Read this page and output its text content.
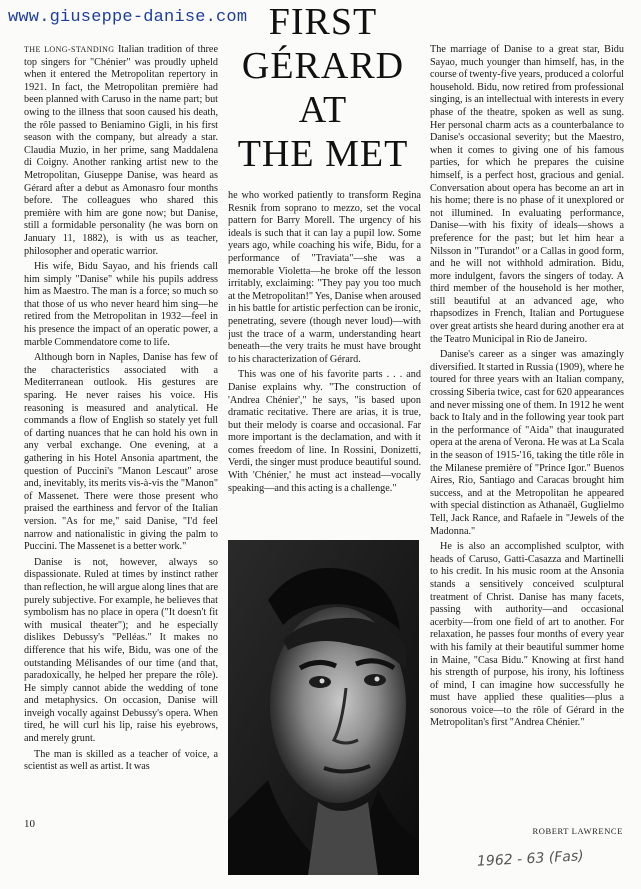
www.giuseppe-danise.com FIRST
GÉRARD
AT
THE MET

THE LONG-STANDING Italian tradition of three top singers for "Chénier" was proudly upheld when it entered the Metropolitan repertory in 1921. In fact, the Metropolitan première had been planned with Caruso in the name part; but owing to the illness that soon caused his death, the rôle passed to Beniamino Gigli, in his first season with the company, but already a star. Claudia Muzio, in her prime, sang Maddalena di Coigny. Another ranking artist new to the Metropolitan, Giuseppe Danise, was heard as Gérard after a debut as Amonasro four months before. The colleagues who shared this première with him are gone now; but Danise, still a formidable personality (he was born on January 11, 1882), is with us as teacher, philosopher and operatic warrior.

His wife, Bidu Sayao, and his friends call him simply "Danise" while his pupils address him as Maestro. The man is a force; so much so that those of us who never heard him sing—he retired from the Metropolitan in 1932—feel in his presence the impact of an operatic power, a marble Commendatore come to life.

Although born in Naples, Danise has few of the characteristics associated with a Mediterranean outlook. His gestures are sparing. He never raises his voice. His reasoning is measured and analytical. He commands a flow of English so stately yet full of darting nuances that he can hold his own in any verbal exchange. One evening, at a gathering in his Hotel Ansonia apartment, the question of Puccini's "Manon Lescaut" arose and, inevitably, its merits vis-à-vis the "Manon" of Massenet. There were those present who praised the earthiness and fervor of the Italian version. "As for me," said Danise, "I'd feel narrow and nationalistic in giving the palm to Puccini. The Massenet is a better work."

Danise is not, however, always so dispassionate. Ruled at times by instinct rather than reflection, he will argue along lines that are purely subjective. For example, he believes that symbolism has no place in opera ("It doesn't fit with musical theater"); and he especially dislikes Debussy's "Pelléas." It makes no difference that his wife, Bidu, was one of the outstanding Mélisandes of our time (and that, paradoxically, he helped her prepare the rôle). He simply cannot abide the wedding of tone and metaphysics. On occasion, Danise will inveigh vocally against Debussy's opera. When tired, he will curl his lip, raise his eyebrows, and merely grunt.

The man is skilled as a teacher of voice, a scientist as well as artist. It was

he who worked patiently to transform Regina Resnik from soprano to mezzo, set the vocal pattern for Barry Morell. The urgency of his ideals is such that it can lay a pupil low. Some years ago, while coaching his wife, Bidu, for a performance of "Traviata"—she was a memorable Violetta—he broke off the lesson irritably, exclaiming: "They pay you too much at the Metropolitan!" Yes, Danise when aroused in his battle for artistic perfection can be ironic, penetrating, severe (though never loud)—with just the trace of a warm, understanding heart beneath—the very traits he must have brought to his characterization of Gérard.

This was one of his favorite parts . . . and Danise explains why. "The construction of 'Andrea Chénier'," he says, "is based upon dramatic recitative. There are arias, it is true, but their melody is coarse and occasional. Far more important is the declamation, and with it comes freedom of line. In Rossini, Donizetti, Verdi, the singer must produce beautiful sound. With 'Chénier,' he must act instead—vocally speaking—and this acting is a challenge."

The marriage of Danise to a great star, Bidu Sayao, much younger than himself, has, in the course of twenty-five years, produced a colorful household. Bidu, now retired from professional singing, is an intellectual with interests in every phase of the theatre, spoken as well as sung. Her personal charm acts as a counterbalance to Danise's occasional severity; but the Maestro, when it comes to giving one of his famous parties, for which he prepares the cuisine himself, is a perfect host, gracious and genial. Conversation about opera has become an art in his home; there is no phase of it unexplored or not illumined. In evaluating performance, Danise—with his fixity of ideals—shows a preference for the past; but let him hear a Nilsson in "Turandot" or a Callas in good form, and he will not withhold admiration. Bidu, more indulgent, favors the singers of today. A third member of the household is her mother, still beautiful at an advanced age, who rhapsodizes in French, Italian and Portuguese over great artists she heard during another era at the Teatro Municipal in Rio de Janeiro.

Danise's career as a singer was amazingly diversified. It started in Russia (1909), where he toured for three years with an Italian company, crossing Siberia twice, cast for 620 appearances and never missing one of them. In 1912 he went back to Italy and in the following year took part in the performance of "Aida" that inaugurated opera at the arena of Verona. He was at La Scala in the season of 1915-'16, taking the title rôle in the Milanese première of "Prince Igor." Buenos Aires, Rio, Santiago and Caracas brought him success, and at the Metropolitan he appeared with special distinction as Athanaël, Guglielmo Tell, Jack Rance, and Rafaele in "Jewels of the Madonna."

He is also an accomplished sculptor, with heads of Caruso, Gatti-Casazza and Martinelli to his credit. In his music room at the Ansonia stands a sensitively conceived sculptural treatment of Christ. Danise has many facets, passing with authority—and occasional acerbity—from one field of art to another. For relaxation, he passes four months of every year with his family at their beautiful summer home in Maine, "Casa Bidu." Knowing at first hand his strength of purpose, his irony, his loftiness of mind, I can imagine how successfully he must have applied these qualities—plus a sonorous voice—to the rôle of Gérard in the Metropolitan's first "Andrea Chénier."

ROBERT LAWRENCE
10
1962 - 63 (Fas)
